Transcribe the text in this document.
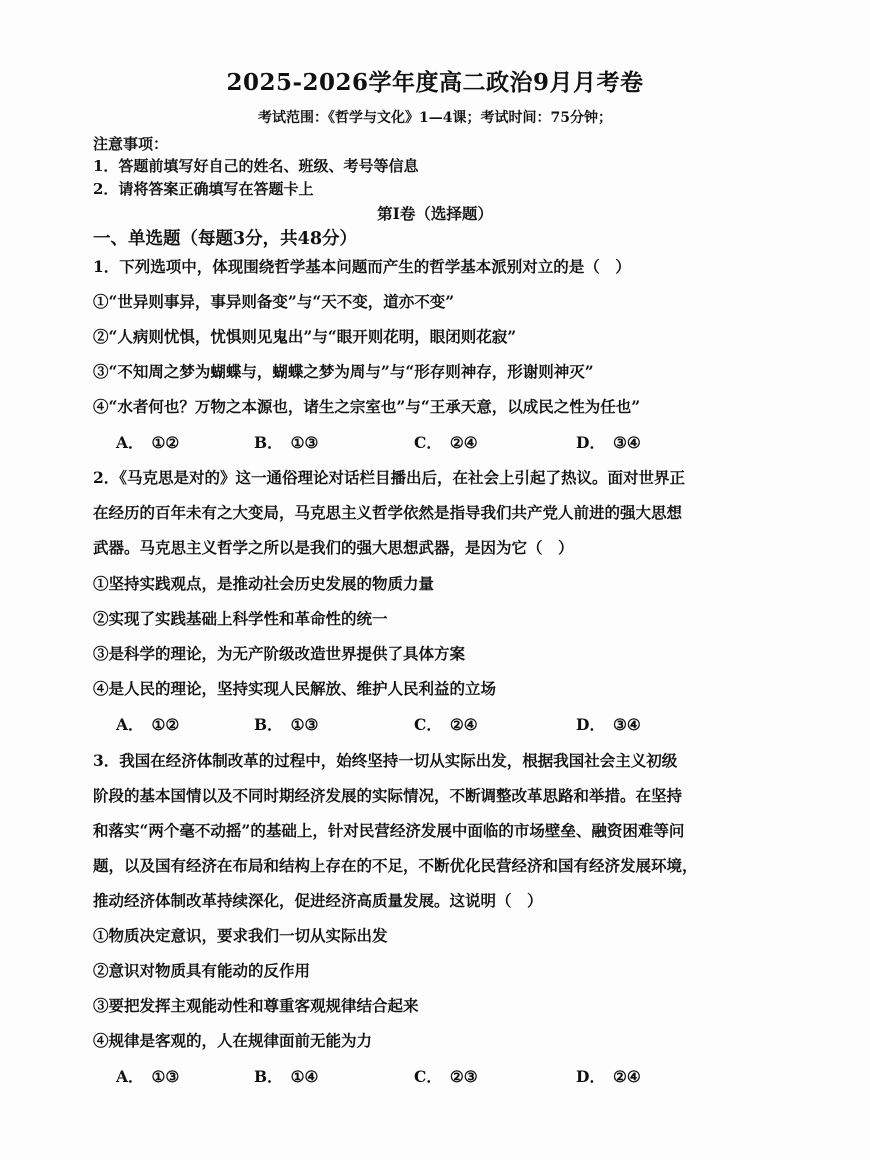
2025-2026学年度高二政治9月月考卷
考试范围：《哲学与文化》1—4课；考试时间：75分钟；
注意事项：
1．答题前填写好自己的姓名、班级、考号等信息
2．请将答案正确填写在答题卡上
第I卷（选择题）
一、单选题（每题3分，共48分）
1．下列选项中，体现围绕哲学基本问题而产生的哲学基本派别对立的是（　）
①“世异则事异，事异则备变”与“天不变，道亦不变”
②“人病则忧惧，忧惧则见鬼出”与“眼开则花明，眼闭则花寂”
③“不知周之梦为蝴蝶与，蝴蝶之梦为周与”与“形存则神存，形谢则神灭”
④“水者何也？万物之本源也，诸生之宗室也”与“王承天意，以成民之性为任也”
A． ①②	B． ①③	C． ②④	D． ③④
2．《马克思是对的》这一通俗理论对话栏目播出后，在社会上引起了热议。面对世界正
在经历的百年未有之大变局，马克思主义哲学依然是指导我们共产党人前进的强大思想
武器。马克思主义哲学之所以是我们的强大思想武器，是因为它（　）
①坚持实践观点，是推动社会历史发展的物质力量
②实现了实践基础上科学性和革命性的统一
③是科学的理论，为无产阶级改造世界提供了具体方案
④是人民的理论，坚持实现人民解放、维护人民利益的立场
A． ①②	B． ①③	C． ②④	D． ③④
3．我国在经济体制改革的过程中，始终坚持一切从实际出发，根据我国社会主义初级
阶段的基本国情以及不同时期经济发展的实际情况，不断调整改革思路和举措。在坚持
和落实“两个毫不动摇”的基础上，针对民营经济发展中面临的市场壁垒、融资困难等问
题，以及国有经济在布局和结构上存在的不足，不断优化民营经济和国有经济发展环境，
推动经济体制改革持续深化，促进经济高质量发展。这说明（　）
①物质决定意识，要求我们一切从实际出发
②意识对物质具有能动的反作用
③要把发挥主观能动性和尊重客观规律结合起来
④规律是客观的，人在规律面前无能为力
A． ①③	B． ①④	C． ②③	D． ②④
